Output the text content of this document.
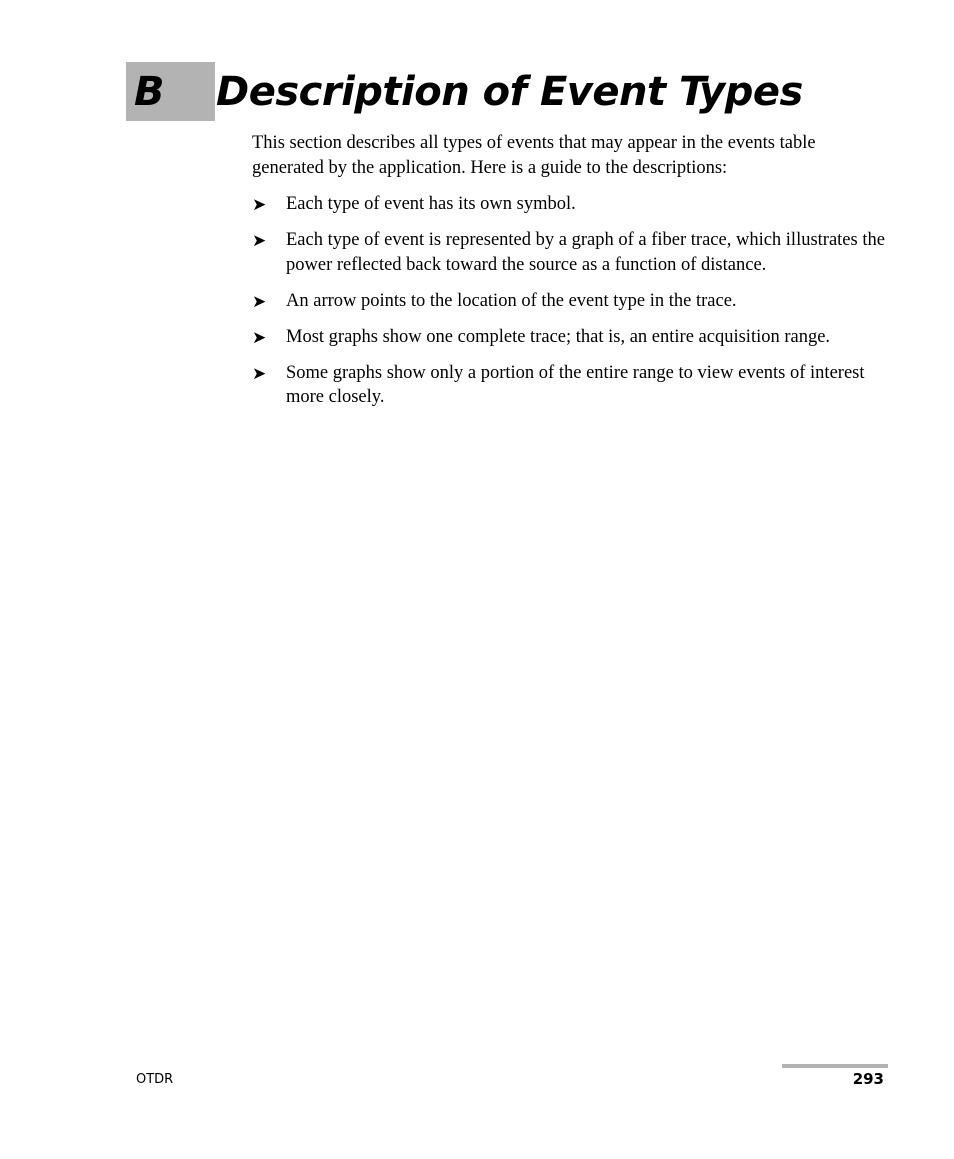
B Description of Event Types

This section describes all types of events that may appear in the events table generated by the application. Here is a guide to the descriptions:

➤ Each type of event has its own symbol.
➤ Each type of event is represented by a graph of a fiber trace, which illustrates the power reflected back toward the source as a function of distance.
➤ An arrow points to the location of the event type in the trace.
➤ Most graphs show one complete trace; that is, an entire acquisition range.
➤ Some graphs show only a portion of the entire range to view events of interest more closely.
OTDR	293
